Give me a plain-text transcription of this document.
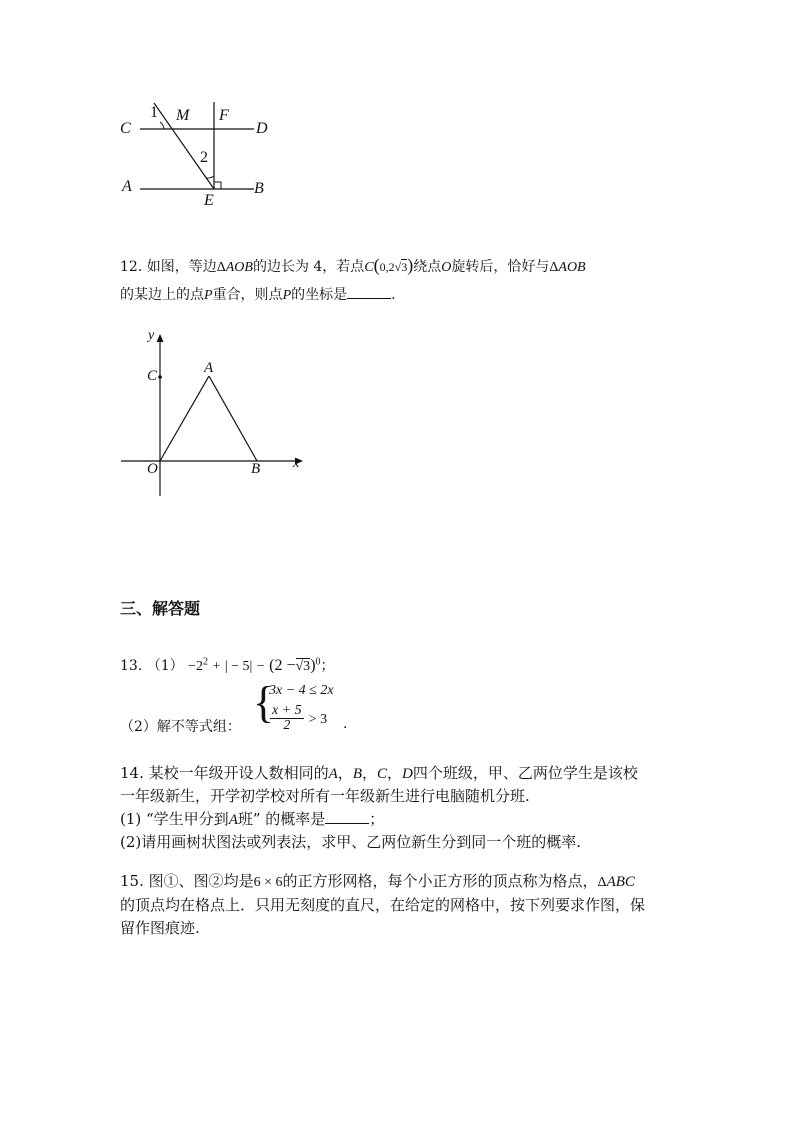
1 M F
C	D
2
A	B
E
12. 如图，等边ΔAOB的边长为 4，若点C(0,2√3)绕点O旋转后，恰好与ΔAOB
的某边上的点P重合，则点P的坐标是	.
y
C	A
O	B x
三、解答题
13. $(1) -2^2$ + | − $5| - (2 -√3)^0$；
（2）解不等式组： {
3x − 4 ≤ 2x
$\frac{x + 5}{2} > 3$ .
14. 某校一年级开设人数相同的A，B，C，D四个班级，甲、乙两位学生是该校
一年级新生，开学初学校对所有一年级新生进行电脑随机分班.
(1) “学生甲分到A班” 的概率是	；
(2)请用画树状图法或列表法，求甲、乙两位新生分到同一个班的概率.
15. 图①、图②均是6 × 6的正方形网格，每个小正方形的顶点称为格点，ΔABC
的顶点均在格点上．只用无刻度的直尺，在给定的网格中，按下列要求作图，保
留作图痕迹.
